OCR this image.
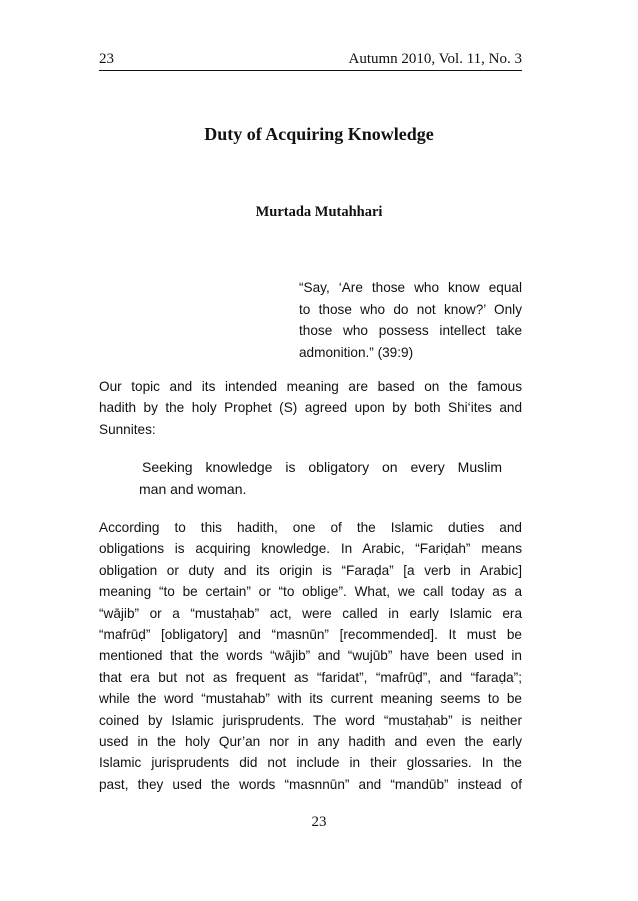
23	Autumn 2010, Vol. 11, No. 3
Duty of Acquiring Knowledge
Murtada Mutahhari
“Say, ‘Are those who know equal
to those who do not know?’ Only
those who possess intellect take
admonition.” (39:9)
Our topic and its intended meaning are based on the famous
hadith by the holy Prophet (S) agreed upon by both Shi‘ites and
Sunnites:
Seeking knowledge is obligatory on every Muslim
man and woman.
According to this hadith, one of the Islamic duties and
obligations is acquiring knowledge. In Arabic, “Fariḍah” means
obligation or duty and its origin is “Faraḍa” [a verb in Arabic]
meaning “to be certain” or “to oblige”. What, we call today as a
“wājib” or a “mustaḥab” act, were called in early Islamic era
“mafrūḍ” [obligatory] and “masnūn” [recommended]. It must be
mentioned that the words “wājib” and “wujūb” have been used in
that era but not as frequent as “faridat”, “mafrūḍ”, and “faraḍa”;
while the word “mustahab” with its current meaning seems to be
coined by Islamic jurisprudents. The word “mustaḥab” is neither
used in the holy Qur’an nor in any hadith and even the early
Islamic jurisprudents did not include in their glossaries. In the
past, they used the words “masnnūn” and “mandūb” instead of
23
